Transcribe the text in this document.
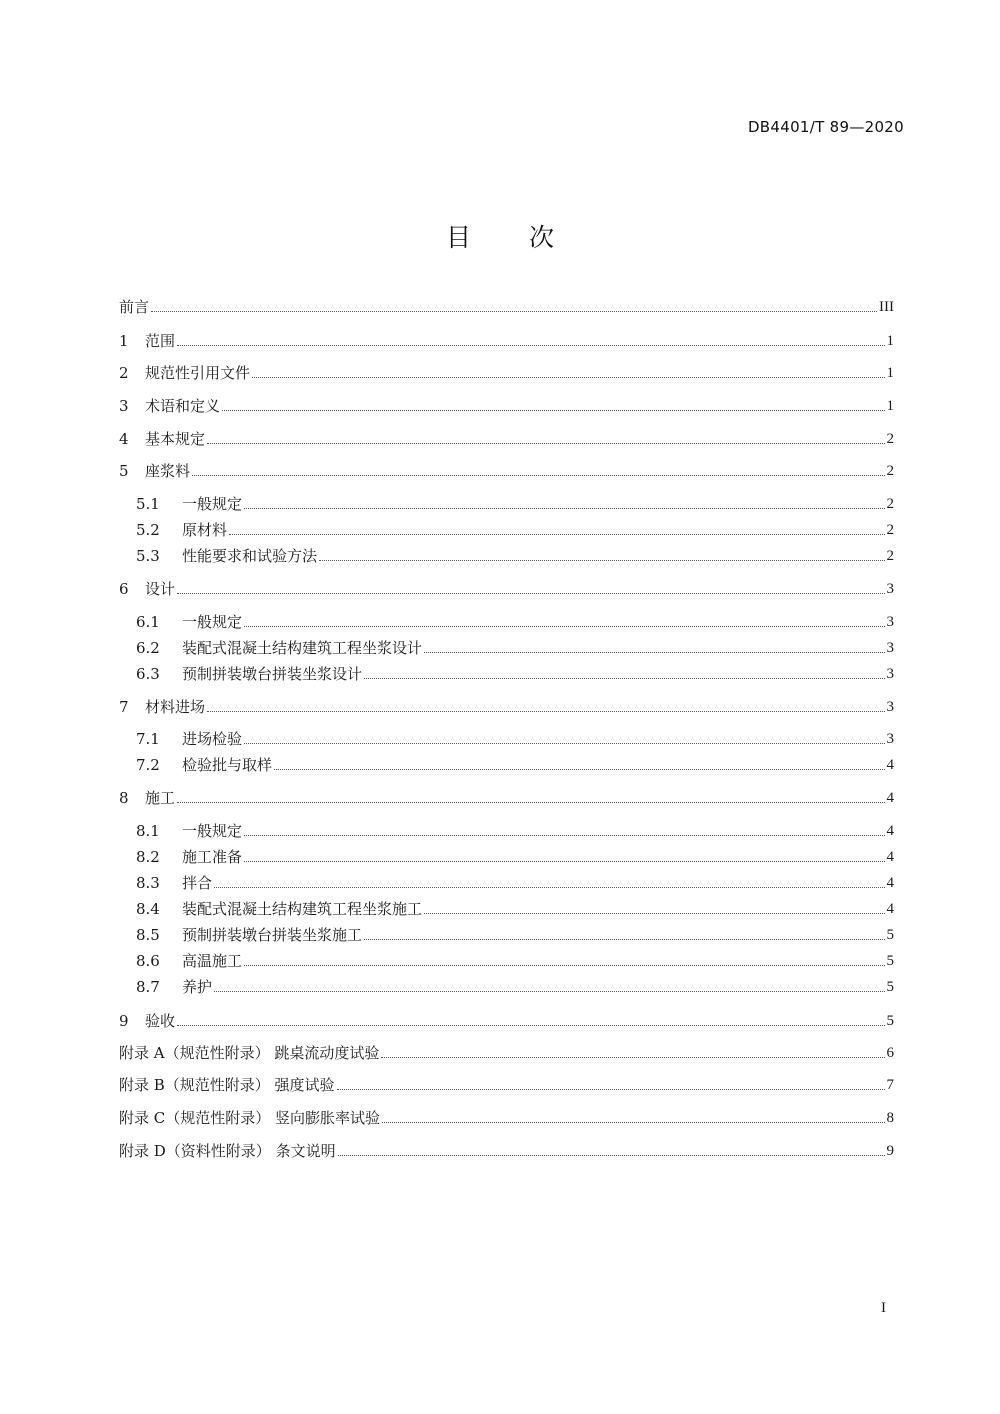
DB4401/T 89—2020
目 次
前言	III
1	范围	1
2	规范性引用文件	1
3	术语和定义	1
4	基本规定	2
5	座浆料	2
5.1	一般规定	2
5.2	原材料	2
5.3	性能要求和试验方法	2
6	设计	3
6.1	一般规定	3
6.2	装配式混凝土结构建筑工程坐浆设计	3
6.3	预制拼装墩台拼装坐浆设计	3
7	材料进场	3
7.1	进场检验	3
7.2	检验批与取样	4
8	施工	4
8.1	一般规定	4
8.2	施工准备	4
8.3	拌合	4
8.4	装配式混凝土结构建筑工程坐浆施工	4
8.5	预制拼装墩台拼装坐浆施工	5
8.6	高温施工	5
8.7	养护	5
9	验收	5
附录 A（规范性附录） 跳桌流动度试验	6
附录 B（规范性附录） 强度试验	7
附录 C（规范性附录） 竖向膨胀率试验	8
附录 D（资料性附录） 条文说明	9
I
